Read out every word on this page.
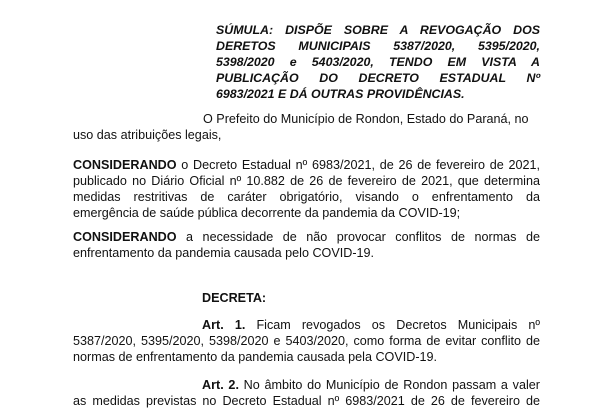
SÚMULA: DISPÕE SOBRE A REVOGAÇÃO DOS
DERETOS MUNICIPAIS 5387/2020, 5395/2020,
5398/2020 e 5403/2020, TENDO EM VISTA A
PUBLICAÇÃO DO DECRETO ESTADUAL Nº
6983/2021 E DÁ OUTRAS PROVIDÊNCIAS.
O Prefeito do Município de Rondon, Estado do Paraná, no
uso das atribuições legais,
CONSIDERANDO o Decreto Estadual nº 6983/2021, de 26 de fevereiro de 2021,
publicado no Diário Oficial nº 10.882 de 26 de fevereiro de 2021, que determina
medidas restritivas de caráter obrigatório, visando o enfrentamento da
emergência de saúde pública decorrente da pandemia da COVID-19;
CONSIDERANDO a necessidade de não provocar conflitos de normas de
enfrentamento da pandemia causada pelo COVID-19.
DECRETA:
Art. 1. Ficam revogados os Decretos Municipais nº
5387/2020, 5395/2020, 5398/2020 e 5403/2020, como forma de evitar conflito de
normas de enfrentamento da pandemia causada pela COVID-19.
Art. 2. No âmbito do Município de Rondon passam a valer
as medidas previstas no Decreto Estadual nº 6983/2021 de 26 de fevereiro de
